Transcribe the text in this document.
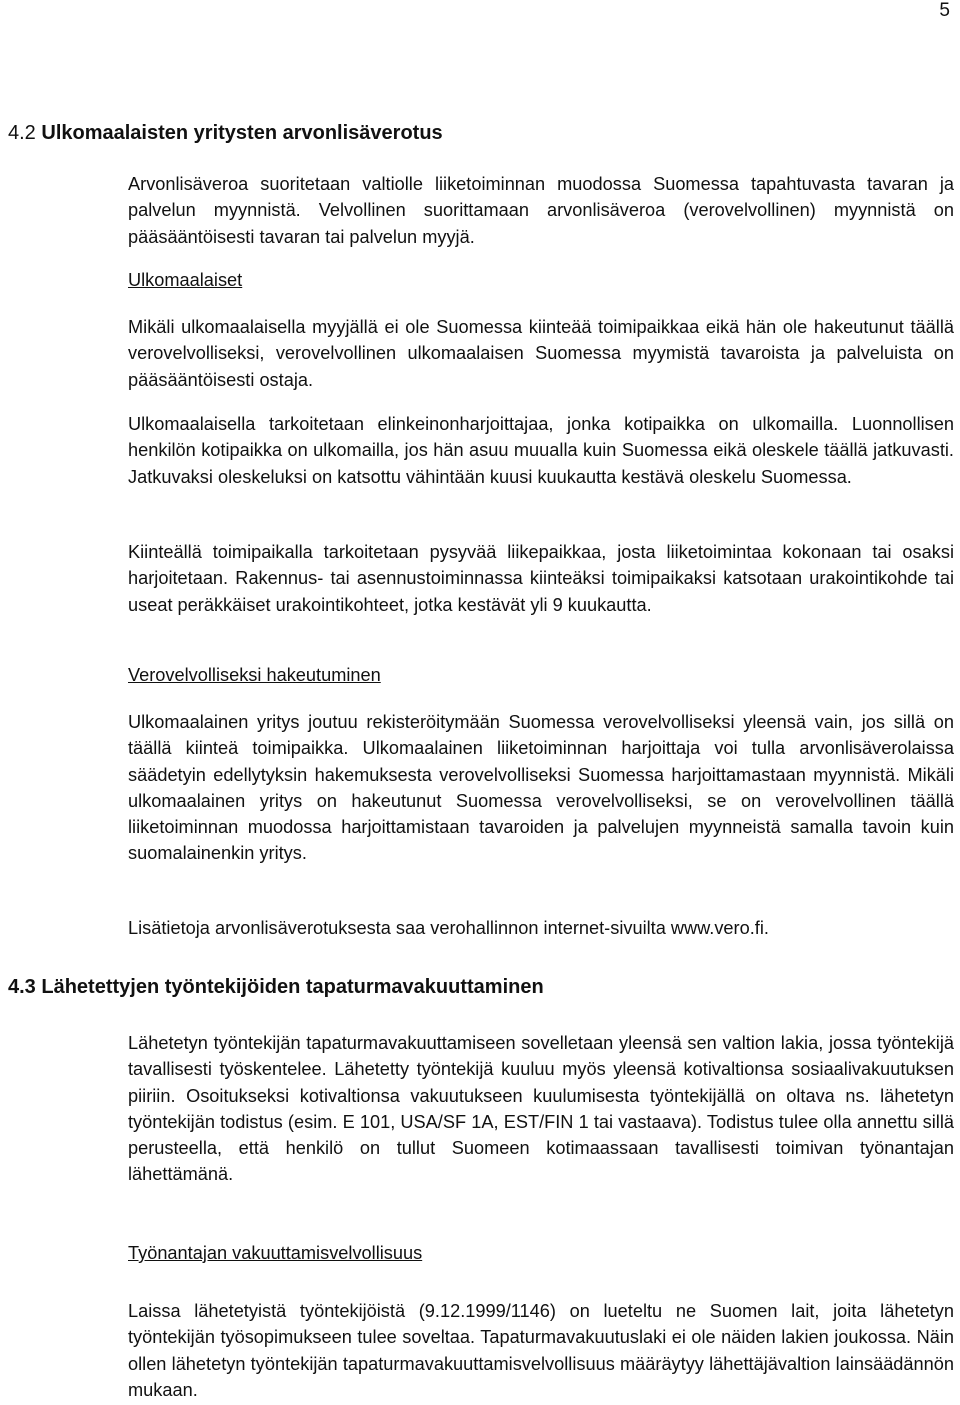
5
4.2 Ulkomaalaisten yritysten arvonlisäverotus

Arvonlisäveroa suoritetaan valtiolle liiketoiminnan muodossa Suomessa tapahtuvasta tavaran ja palvelun myynnistä. Velvollinen suorittamaan arvonlisäveroa (verovelvollinen) myynnistä on pääsääntöisesti tavaran tai palvelun myyjä.

Ulkomaalaiset

Mikäli ulkomaalaisella myyjällä ei ole Suomessa kiinteää toimipaikkaa eikä hän ole hakeutunut täällä verovelvolliseksi, verovelvollinen ulkomaalaisen Suomessa myymistä tavaroista ja palveluista on pääsääntöisesti ostaja.

Ulkomaalaisella tarkoitetaan elinkeinonharjoittajaa, jonka kotipaikka on ulkomailla. Luonnollisen henkilön kotipaikka on ulkomailla, jos hän asuu muualla kuin Suomessa eikä oleskele täällä jatkuvasti. Jatkuvaksi oleskeluksi on katsottu vähintään kuusi kuukautta kestävä oleskelu Suomessa.

Kiinteällä toimipaikalla tarkoitetaan pysyvää liikepaikkaa, josta liiketoimintaa kokonaan tai osaksi harjoitetaan. Rakennus- tai asennustoiminnassa kiinteäksi toimipaikaksi katsotaan urakointikohde tai useat peräkkäiset urakointikohteet, jotka kestävät yli 9 kuukautta.

Verovelvolliseksi hakeutuminen

Ulkomaalainen yritys joutuu rekisteröitymään Suomessa verovelvolliseksi yleensä vain, jos sillä on täällä kiinteä toimipaikka. Ulkomaalainen liiketoiminnan harjoittaja voi tulla arvonlisäverolaissa säädetyin edellytyksin hakemuksesta verovelvolliseksi Suomessa harjoittamastaan myynnistä. Mikäli ulkomaalainen yritys on hakeutunut Suomessa verovelvolliseksi, se on verovelvollinen täällä liiketoiminnan muodossa harjoittamistaan tavaroiden ja palvelujen myynneistä samalla tavoin kuin suomalainenkin yritys.

Lisätietoja arvonlisäverotuksesta saa verohallinnon internet-sivuilta www.vero.fi.

4.3 Lähetettyjen työntekijöiden tapaturmavakuuttaminen

Lähetetyn työntekijän tapaturmavakuuttamiseen sovelletaan yleensä sen valtion lakia, jossa työntekijä tavallisesti työskentelee. Lähetetty työntekijä kuuluu myös yleensä kotivaltionsa sosiaalivakuutuksen piiriin. Osoitukseksi kotivaltionsa vakuutukseen kuulumisesta työntekijällä on oltava ns. lähetetyn työntekijän todistus (esim. E 101, USA/SF 1A, EST/FIN 1 tai vastaava). Todistus tulee olla annettu sillä perusteella, että henkilö on tullut Suomeen kotimaassaan tavallisesti toimivan työnantajan lähettämänä.

Työnantajan vakuuttamisvelvollisuus

Laissa lähetetyistä työntekijöistä (9.12.1999/1146) on lueteltu ne Suomen lait, joita lähetetyn työntekijän työsopimukseen tulee soveltaa. Tapaturmavakuutuslaki ei ole näiden lakien joukossa. Näin ollen lähetetyn työntekijän tapaturmavakuuttamisvelvollisuus määräytyy lähettäjävaltion lainsäädännön mukaan.
